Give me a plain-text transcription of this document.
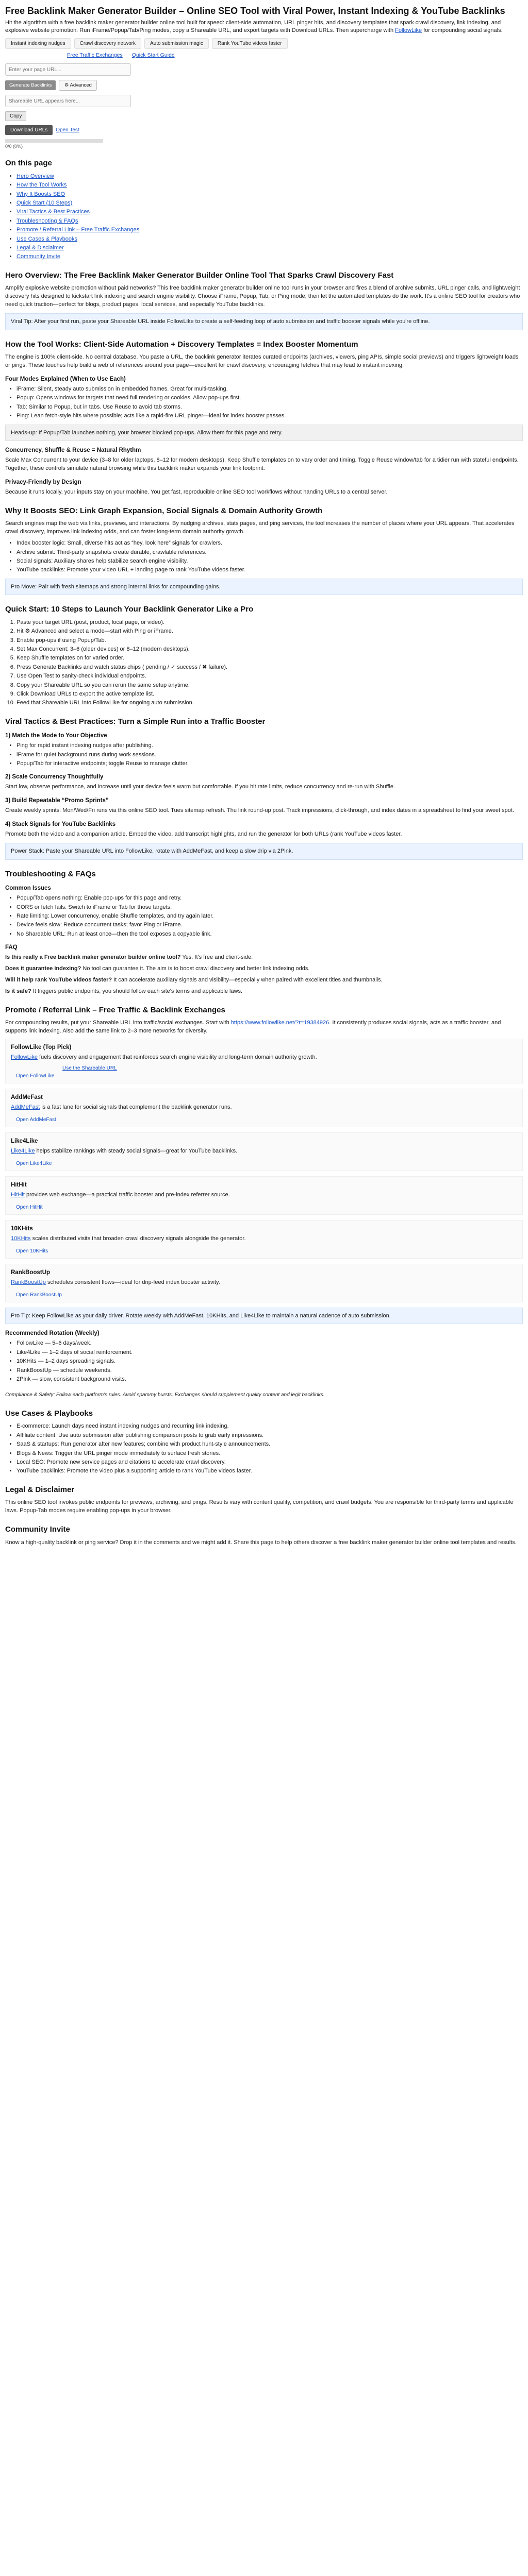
Free Backlink Maker Generator Builder – Online SEO Tool with Viral Power, Instant Indexing & YouTube Backlinks

Hit the algorithm with a free backlink maker generator builder online tool built for speed: client-side automation, URL pinger hits, and discovery templates that spark crawl discovery, link indexing, and explosive website promotion. Run iFrame/Popup/Tab/Ping modes, copy a Shareable URL, and export targets with Download URLs. Then supercharge with FollowLike for compounding social signals.

Instant indexing nudges	Crawl discovery network	Auto submission magic	Rank YouTube videos faster
Free Traffic Exchanges Quick Start Guide
Enter your page URL...
Generate Backlinks	⚙ Advanced
Shareable URL appears here... Copy
Download URLs	Open Test
0/0 (0%)
On this page
• Hero Overview
• How the Tool Works
• Why It Boosts SEO
• Quick Start (10 Steps)
• Viral Tactics & Best Practices
• Troubleshooting & FAQs
• Promote / Referral Link – Free Traffic Exchanges
• Use Cases & Playbooks
• Legal & Disclaimer
• Community Invite
Hero Overview: The Free Backlink Maker Generator Builder Online Tool That Sparks Crawl Discovery Fast

Amplify explosive website promotion without paid networks? This free backlink maker generator builder online tool runs in your browser and fires a blend of archive submits, URL pinger calls, and lightweight discovery hits designed to kickstart link indexing and search engine visibility. Choose iFrame, Popup, Tab, or Ping mode, then let the automated templates do the work. It's a online SEO tool for creators who need quick traction—perfect for blogs, product pages, local services, and especially YouTube backlinks.

Viral Tip: After your first run, paste your Shareable URL inside FollowLike to create a self-feeding loop of auto submission and traffic booster signals while you're offline.
How the Tool Works: Client-Side Automation + Discovery Templates = Index Booster Momentum

The engine is 100% client-side. No central database. You paste a URL, the backlink generator iterates curated endpoints (archives, viewers, ping APIs, simple social previews) and triggers lightweight loads or pings. These touches help build a web of references around your page—excellent for crawl discovery, encouraging fetches that may lead to instant indexing.

Four Modes Explained (When to Use Each)
• iFrame: Silent, steady auto submission in embedded frames. Great for multi-tasking.
• Popup: Opens windows for targets that need full rendering or cookies. Allow pop-ups first.
• Tab: Similar to Popup, but in tabs. Use Reuse to avoid tab storms.
• Ping: Lean fetch-style hits where possible; acts like a rapid-fire URL pinger—ideal for index booster passes.
Heads-up: If Popup/Tab launches nothing, your browser blocked pop-ups. Allow them for this page and retry.
Concurrency, Shuffle & Reuse = Natural Rhythm

Scale Max Concurrent to your device (3–8 for older laptops, 8–12 for modern desktops). Keep Shuffle templates on to vary order and timing. Toggle Reuse window/tab for a tidier run with stateful endpoints. Together, these controls simulate natural browsing while this backlink maker expands your link footprint.

Privacy-Friendly by Design

Because it runs locally, your inputs stay on your machine. You get fast, reproducible online SEO tool workflows without handing URLs to a central server.

Why It Boosts SEO: Link Graph Expansion, Social Signals & Domain Authority Growth

Search engines map the web via links, previews, and interactions. By nudging archives, stats pages, and ping services, the tool increases the number of places where your URL appears. That accelerates crawl discovery, improves link indexing odds, and can foster long-term domain authority growth.

• Index booster logic: Small, diverse hits act as “hey, look here” signals for crawlers.
• Archive submit: Third-party snapshots create durable, crawlable references.
• Social signals: Auxiliary shares help stabilize search engine visibility.
• YouTube backlinks: Promote your video URL + landing page to rank YouTube videos faster.
Pro Move: Pair with fresh sitemaps and strong internal links for compounding gains.
Quick Start: 10 Steps to Launch Your Backlink Generator Like a Pro
1. Paste your target URL (post, product, local page, or video).
2. Hit ⚙ Advanced and select a mode—start with Ping or iFrame.
3. Enable pop-ups if using Popup/Tab.
4. Set Max Concurrent: 3–6 (older devices) or 8–12 (modern desktops).
5. Keep Shuffle templates on for varied order.
6. Press Generate Backlinks and watch status chips ( pending / ✓ success / ✖ failure).
7. Use Open Test to sanity-check individual endpoints.
8. Copy your Shareable URL so you can rerun the same setup anytime.
9. Click Download URLs to export the active template list.
10. Feed that Shareable URL into FollowLike for ongoing auto submission.
Viral Tactics & Best Practices: Turn a Simple Run into a Traffic Booster
1) Match the Mode to Your Objective
• Ping for rapid instant indexing nudges after publishing.
• iFrame for quiet background runs during work sessions.
• Popup/Tab for interactive endpoints; toggle Reuse to manage clutter.
2) Scale Concurrency Thoughtfully

Start low, observe performance, and increase until your device feels warm but comfortable. If you hit rate limits, reduce concurrency and re-run with Shuffle.

3) Build Repeatable “Promo Sprints”

Create weekly sprints: Mon/Wed/Fri runs via this online SEO tool. Tues sitemap refresh. Thu link round-up post. Track impressions, click-through, and index dates in a spreadsheet to find your sweet spot.

4) Stack Signals for YouTube Backlinks

Promote both the video and a companion article. Embed the video, add transcript highlights, and run the generator for both URLs (rank YouTube videos faster.

Power Stack: Paste your Shareable URL into FollowLike, rotate with AddMeFast, and keep a slow drip via 2Plnk.
Troubleshooting & FAQs
Common Issues
• Popup/Tab opens nothing: Enable pop-ups for this page and retry.
• CORS or fetch fails: Switch to iFrame or Tab for those targets.
• Rate limiting: Lower concurrency, enable Shuffle templates, and try again later.
• Device feels slow: Reduce concurrent tasks; favor Ping or iFrame.
• No Shareable URL: Run at least once—then the tool exposes a copyable link.
FAQ

Is this really a Free backlink maker generator builder online tool? Yes. It's free and client-side.

Does it guarantee indexing? No tool can guarantee it. The aim is to boost crawl discovery and better link indexing odds.

Will it help rank YouTube videos faster? It can accelerate auxiliary signals and visibility—especially when paired with excellent titles and thumbnails.

Is it safe? It triggers public endpoints; you should follow each site's terms and applicable laws.

Promote / Referral Link – Free Traffic & Backlink Exchanges

For compounding results, put your Shareable URL into traffic/social exchanges. Start with https://www.followlike.net/?r=19384926. It consistently produces social signals, acts as a traffic booster, and supports link indexing. Also add the same link to 2–3 more networks for diversity.

FollowLike (Top Pick)

FollowLike fuels discovery and engagement that reinforces search engine visibility and long-term domain authority growth.

Use the Shareable URL
Open FollowLike
AddMeFast

AddMeFast is a fast lane for social signals that complement the backlink generator runs.

Open AddMeFast
Like4Like

Like4Like helps stabilize rankings with steady social signals—great for YouTube backlinks.

Open Like4Like
HitHit

HitHit provides web exchange—a practical traffic booster and pre-index referrer source.

Open HitHit
10KHits

10KHits scales distributed visits that broaden crawl discovery signals alongside the generator.

Open 10KHits
RankBoostUp

RankBoostUp schedules consistent flows—ideal for drip-feed index booster activity.

Open RankBoostUp
Pro Tip: Keep FollowLike as your daily driver. Rotate weekly with AddMeFast, 10KHits, and Like4Like to maintain a natural cadence of auto submission.
Recommended Rotation (Weekly)
• FollowLike — 5–6 days/week.
• Like4Like — 1–2 days of social reinforcement.
• 10KHits — 1–2 days spreading signals.
• RankBoostUp — schedule weekends.
• 2Plnk — slow, consistent background visits.

Compliance & Safety: Follow each platform's rules. Avoid spammy bursts. Exchanges should supplement quality content and legit backlinks.

Use Cases & Playbooks
• E-commerce: Launch days need instant indexing nudges and recurring link indexing.
• Affiliate content: Use auto submission after publishing comparison posts to grab early impressions.
• SaaS & startups: Run generator after new features; combine with product hunt-style announcements.
• Blogs & News: Trigger the URL pinger mode immediately to surface fresh stories.
• Local SEO: Promote new service pages and citations to accelerate crawl discovery.
• YouTube backlinks: Promote the video plus a supporting article to rank YouTube videos faster.
Legal & Disclaimer

This online SEO tool invokes public endpoints for previews, archiving, and pings. Results vary with content quality, competition, and crawl budgets. You are responsible for third-party terms and applicable laws. Popup-Tab modes require enabling pop-ups in your browser.

Community Invite

Know a high-quality backlink or ping service? Drop it in the comments and we might add it. Share this page to help others discover a free backlink maker generator builder online tool templates and results.
